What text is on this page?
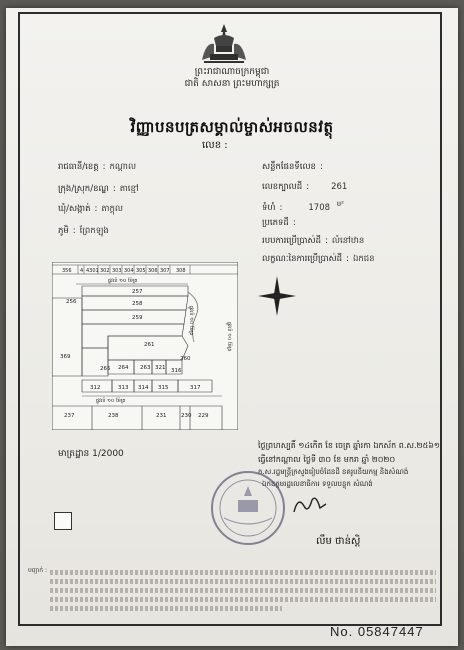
ព្រះរាជាណាចក្រកម្ពុជា
ជាតិ សាសនា ព្រះមហាក្សត្រ
វិញ្ញាបនបត្រសម្គាល់ម្ចាស់អចលនវត្ថុ
លេខ :
រាជធានី/ខេត្ត : កណ្ដាល
ក្រុង/ស្រុក/ខណ្ឌ : តាខ្មៅ
ឃុំ/សង្កាត់ : តាក្ដុល
ភូមិ : ព្រែកឡុង
សន្លឹកផែនទីលេខ :
លេខក្បាលដី :	261
ទំហំ :	1708 $^{ម^2}$
ប្រភេទដី :
របបការប្រើប្រាស់ដី : លំនៅឋាន
លក្ខណៈនៃការប្រើប្រាស់ដី : ឯកជន
356 4 4301 302 303 304 305 306 307 308
ផ្លូវលំ ១០ ម៉ែត្រ
257
256	258
259
261
369	260
265 264 263 321 316
312	313 314 315	317
237	238	231	230 229
ផ្លូវលំ ១០ ម៉ែត្រ
ផ្លូវលំ ១០ ម៉ែត្រ
ផ្លូវលំ ១០ ម៉ែត្រ
មាត្រដ្ឋាន 1/2000
ថ្ងៃព្រហស្បតិ៍ ១៤កើត ខែ ចេត្រ ឆ្នាំរកា ឯកស័ក ព.ស.២៥៦១
ធ្វើនៅកណ្ដាល ថ្ងៃទី ៣០ ខែ មករា ឆ្នាំ ២០២០
ក.ស.រដ្ឋមន្ត្រីក្រសួងរៀបចំដែនដី នគរូបនីយកម្ម និងសំណង់
ឯកឧត្ដមរដ្ឋលេខាធិការ ទទួលបន្ទុក សំណង់
លឹម ថាន់ស្តិ
បញ្ជាក់ :
No. 05847447
